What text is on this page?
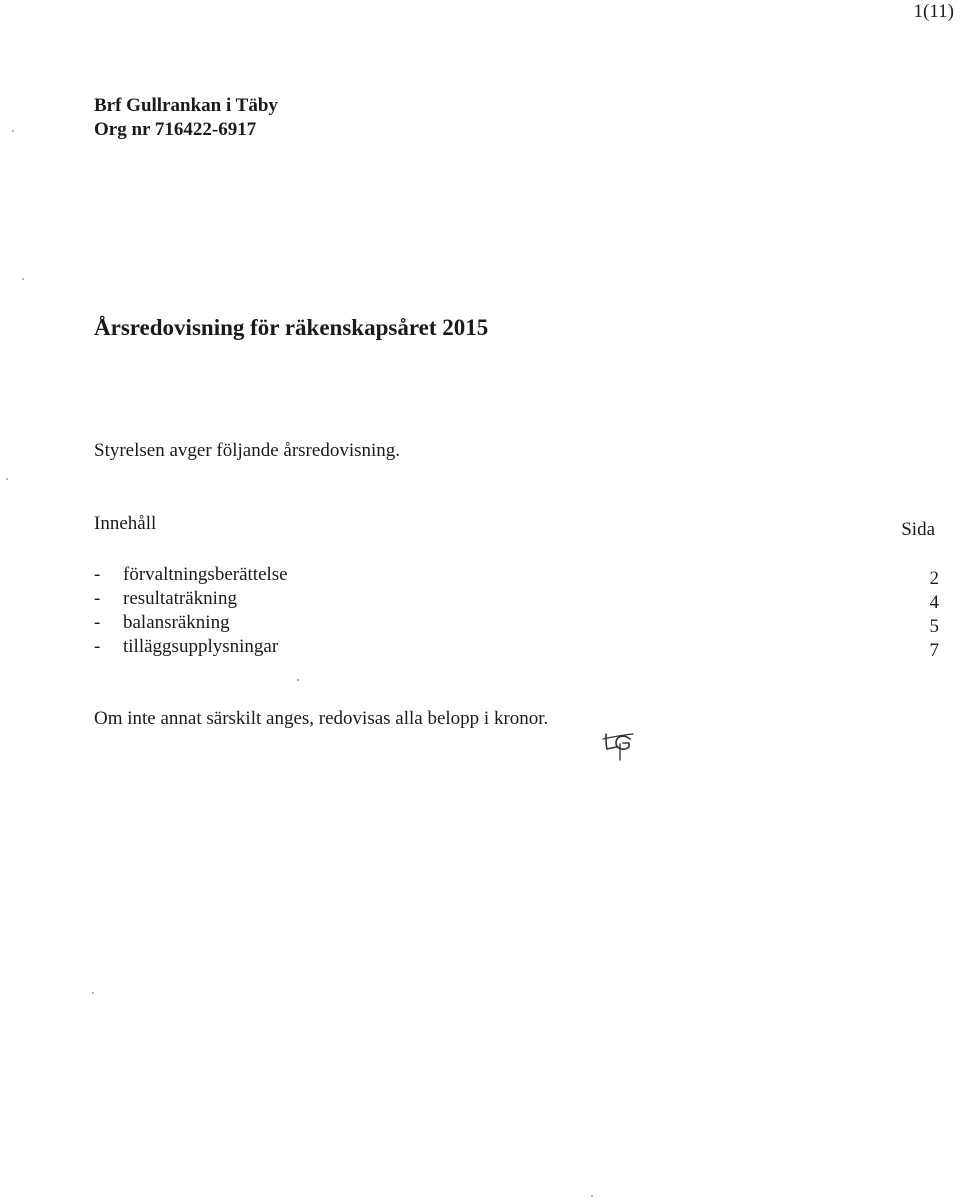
1(11)
Brf Gullrankan i Täby
Org nr 716422-6917
Årsredovisning för räkenskapsåret 2015
Styrelsen avger följande årsredovisning.
Innehåll	Sida
- förvaltningsberättelse	2
- resultaträkning	4
- balansräkning	5
- tilläggsupplysningar	7
Om inte annat särskilt anges, redovisas alla belopp i kronor.
